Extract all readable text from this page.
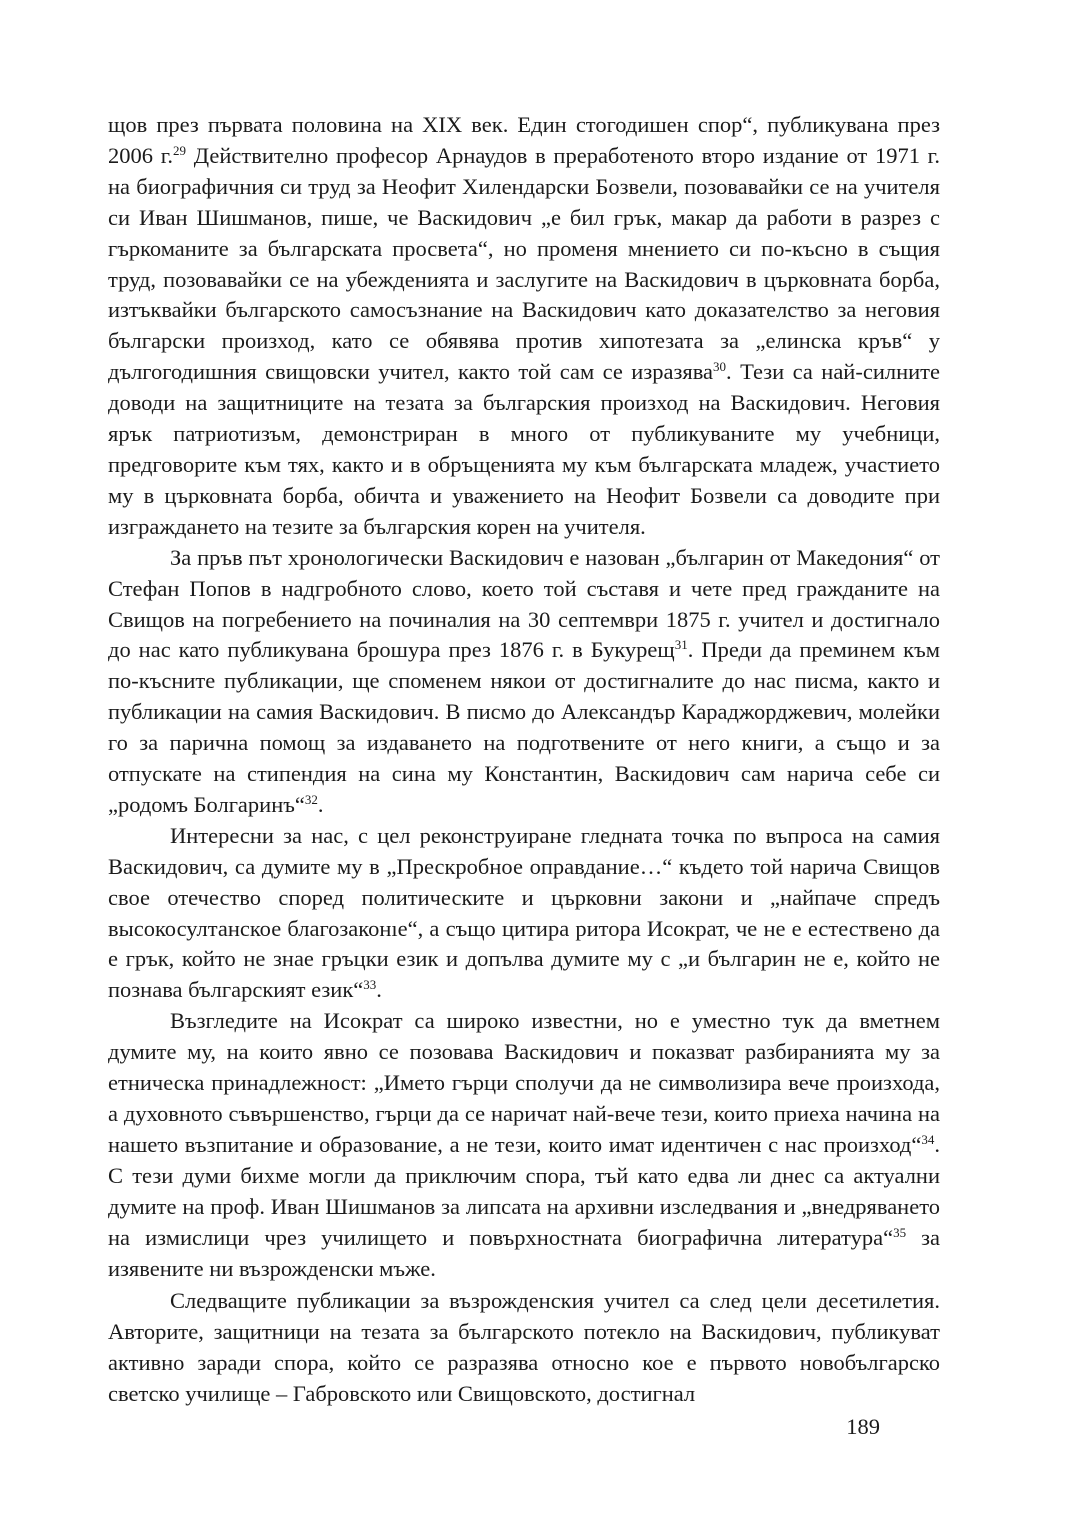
щов през първата половина на XIX век. Един стогодишен спор“, публикувана през 2006 г.$^{29}$ Действително професор Арнаудов в преработеното второ издание от 1971 г. на биографичния си труд за Неофит Хилендарски Бозвели, позовавайки се на учителя си Иван Шишманов, пише, че Васкидович „е бил грък, макар да работи в разрез с гъркоманите за българската просвета“, но променя мнението си по-късно в същия труд, позовавайки се на убежденията и заслугите на Васкидович в църковната борба, изтъквайки българското самосъзнание на Васкидович като доказателство за неговия български произход, като се обявява против хипотезата за „елинска кръв“ у дългогодишния свищовски учител, както той сам се изразява$^{30}$. Тези са най-силните доводи на защитниците на тезата за българския произход на Васкидович. Неговия ярък патриотизъм, демонстриран в много от публикуваните му учебници, предговорите към тях, както и в обръщенията му към българската младеж, участието му в църковната борба, обичта и уважението на Неофит Бозвели са доводите при изграждането на тезите за българския корен на учителя.

За пръв път хронологически Васкидович е назован „българин от Македония“ от Стефан Попов в надгробното слово, което той съставя и чете пред гражданите на Свищов на погребението на починалия на 30 септември 1875 г. учител и достигнало до нас като публикувана брошура през 1876 г. в Букурещ$^{31}$. Преди да преминем към по-късните публикации, ще споменем някои от достигналите до нас писма, както и публикации на самия Васкидович. В писмо до Александър Караджорджевич, молейки го за парична помощ за издаването на подготвените от него книги, а също и за отпускате на стипендия на сина му Константин, Васкидович сам нарича себе си „родомъ Болгаринъ“$^{32}$.

Интересни за нас, с цел реконструиране гледната точка по въпроса на самия Васкидович, са думите му в „Прескробное оправдание…“ където той нарича Свищов свое отечество според политическите и църковни закони и „найпаче спредъ высокосултанское благозаконıе“, а също цитира ритора Исократ, че не е естествено да е грък, който не знае гръцки език и допълва думите му с „и българин не е, който не познава българският език“$^{33}$.

Възгледите на Исократ са широко известни, но е уместно тук да вметнем думите му, на които явно се позовава Васкидович и показват разбиранията му за етническа принадлежност: „Името гърци сполучи да не символизира вече произхода, а духовното съвършенство, гърци да се наричат най-вече тези, които приеха начина на нашето възпитание и образование, а не тези, които имат идентичен с нас произход“$^{34}$. С тези думи бихме могли да приключим спора, тъй като едва ли днес са актуални думите на проф. Иван Шишманов за липсата на архивни изследвания и „внедряването на измислици чрез училището и повърхностната биографична литература“$^{35}$ за изявените ни възрожденски мъже.

Следващите публикации за възрожденския учител са след цели десетилетия. Авторите, защитници на тезата за българското потекло на Васкидович, публикуват активно заради спора, който се разразява относно кое е първото новобългарско светско училище – Габровското или Свищовското, достигнал

189
